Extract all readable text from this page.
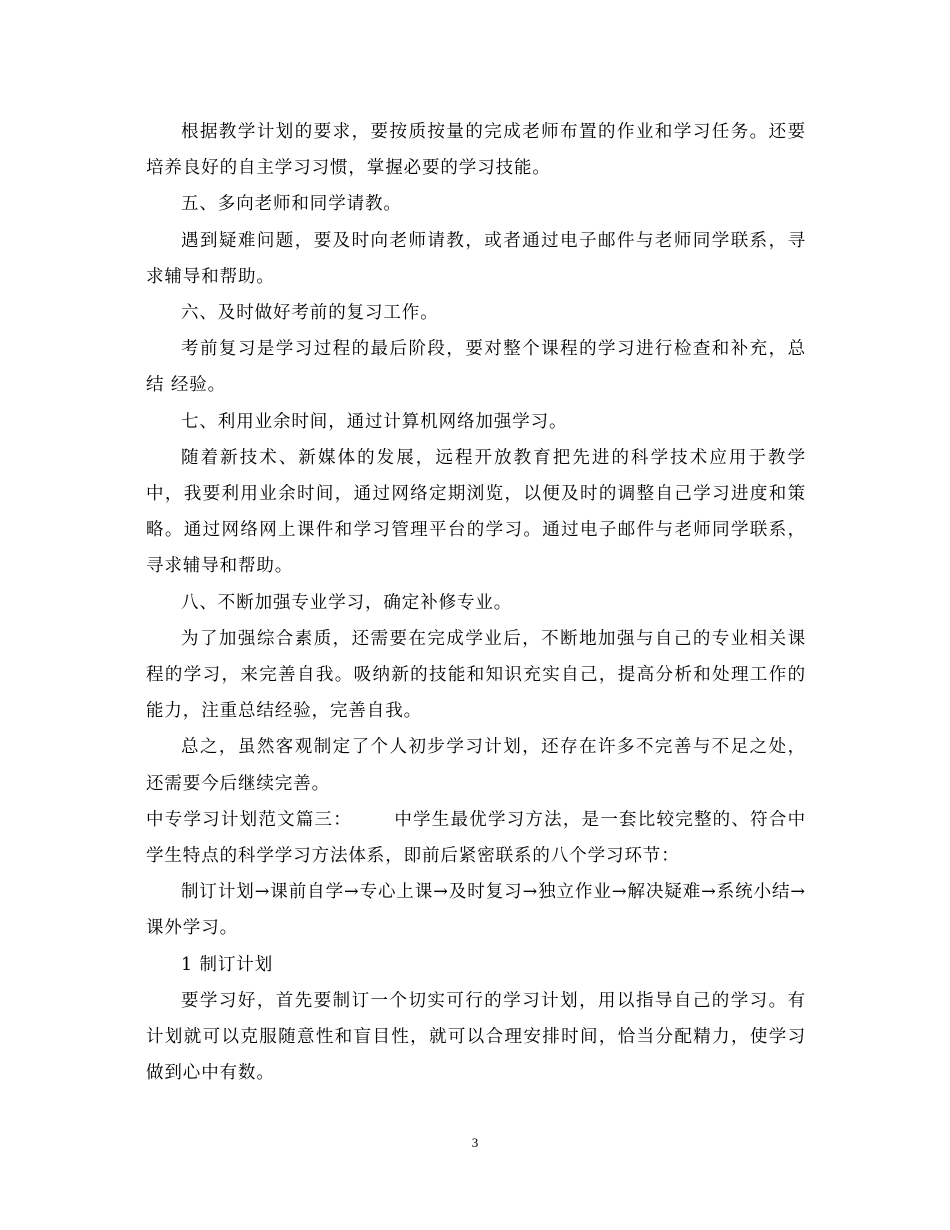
根据教学计划的要求，要按质按量的完成老师布置的作业和学习任务。还要培养良好的自主学习习惯，掌握必要的学习技能。

五、多向老师和同学请教。

遇到疑难问题，要及时向老师请教，或者通过电子邮件与老师同学联系，寻求辅导和帮助。

六、及时做好考前的复习工作。

考前复习是学习过程的最后阶段，要对整个课程的学习进行检查和补充，总结 经验。

七、利用业余时间，通过计算机网络加强学习。

随着新技术、新媒体的发展，远程开放教育把先进的科学技术应用于教学中，我要利用业余时间，通过网络定期浏览，以便及时的调整自己学习进度和策略。通过网络网上课件和学习管理平台的学习。通过电子邮件与老师同学联系，寻求辅导和帮助。

八、不断加强专业学习，确定补修专业。

为了加强综合素质，还需要在完成学业后，不断地加强与自己的专业相关课程的学习，来完善自我。吸纳新的技能和知识充实自己，提高分析和处理工作的能力，注重总结经验，完善自我。

总之，虽然客观制定了个人初步学习计划，还存在许多不完善与不足之处，还需要今后继续完善。

中专学习计划范文篇三： 中学生最优学习方法，是一套比较完整的、符合中学生特点的科学学习方法体系，即前后紧密联系的八个学习环节：

制订计划→课前自学→专心上课→及时复习→独立作业→解决疑难→系统小结→课外学习。

1 制订计划

要学习好，首先要制订一个切实可行的学习计划，用以指导自己的学习。有计划就可以克服随意性和盲目性，就可以合理安排时间，恰当分配精力，使学习做到心中有数。

3
